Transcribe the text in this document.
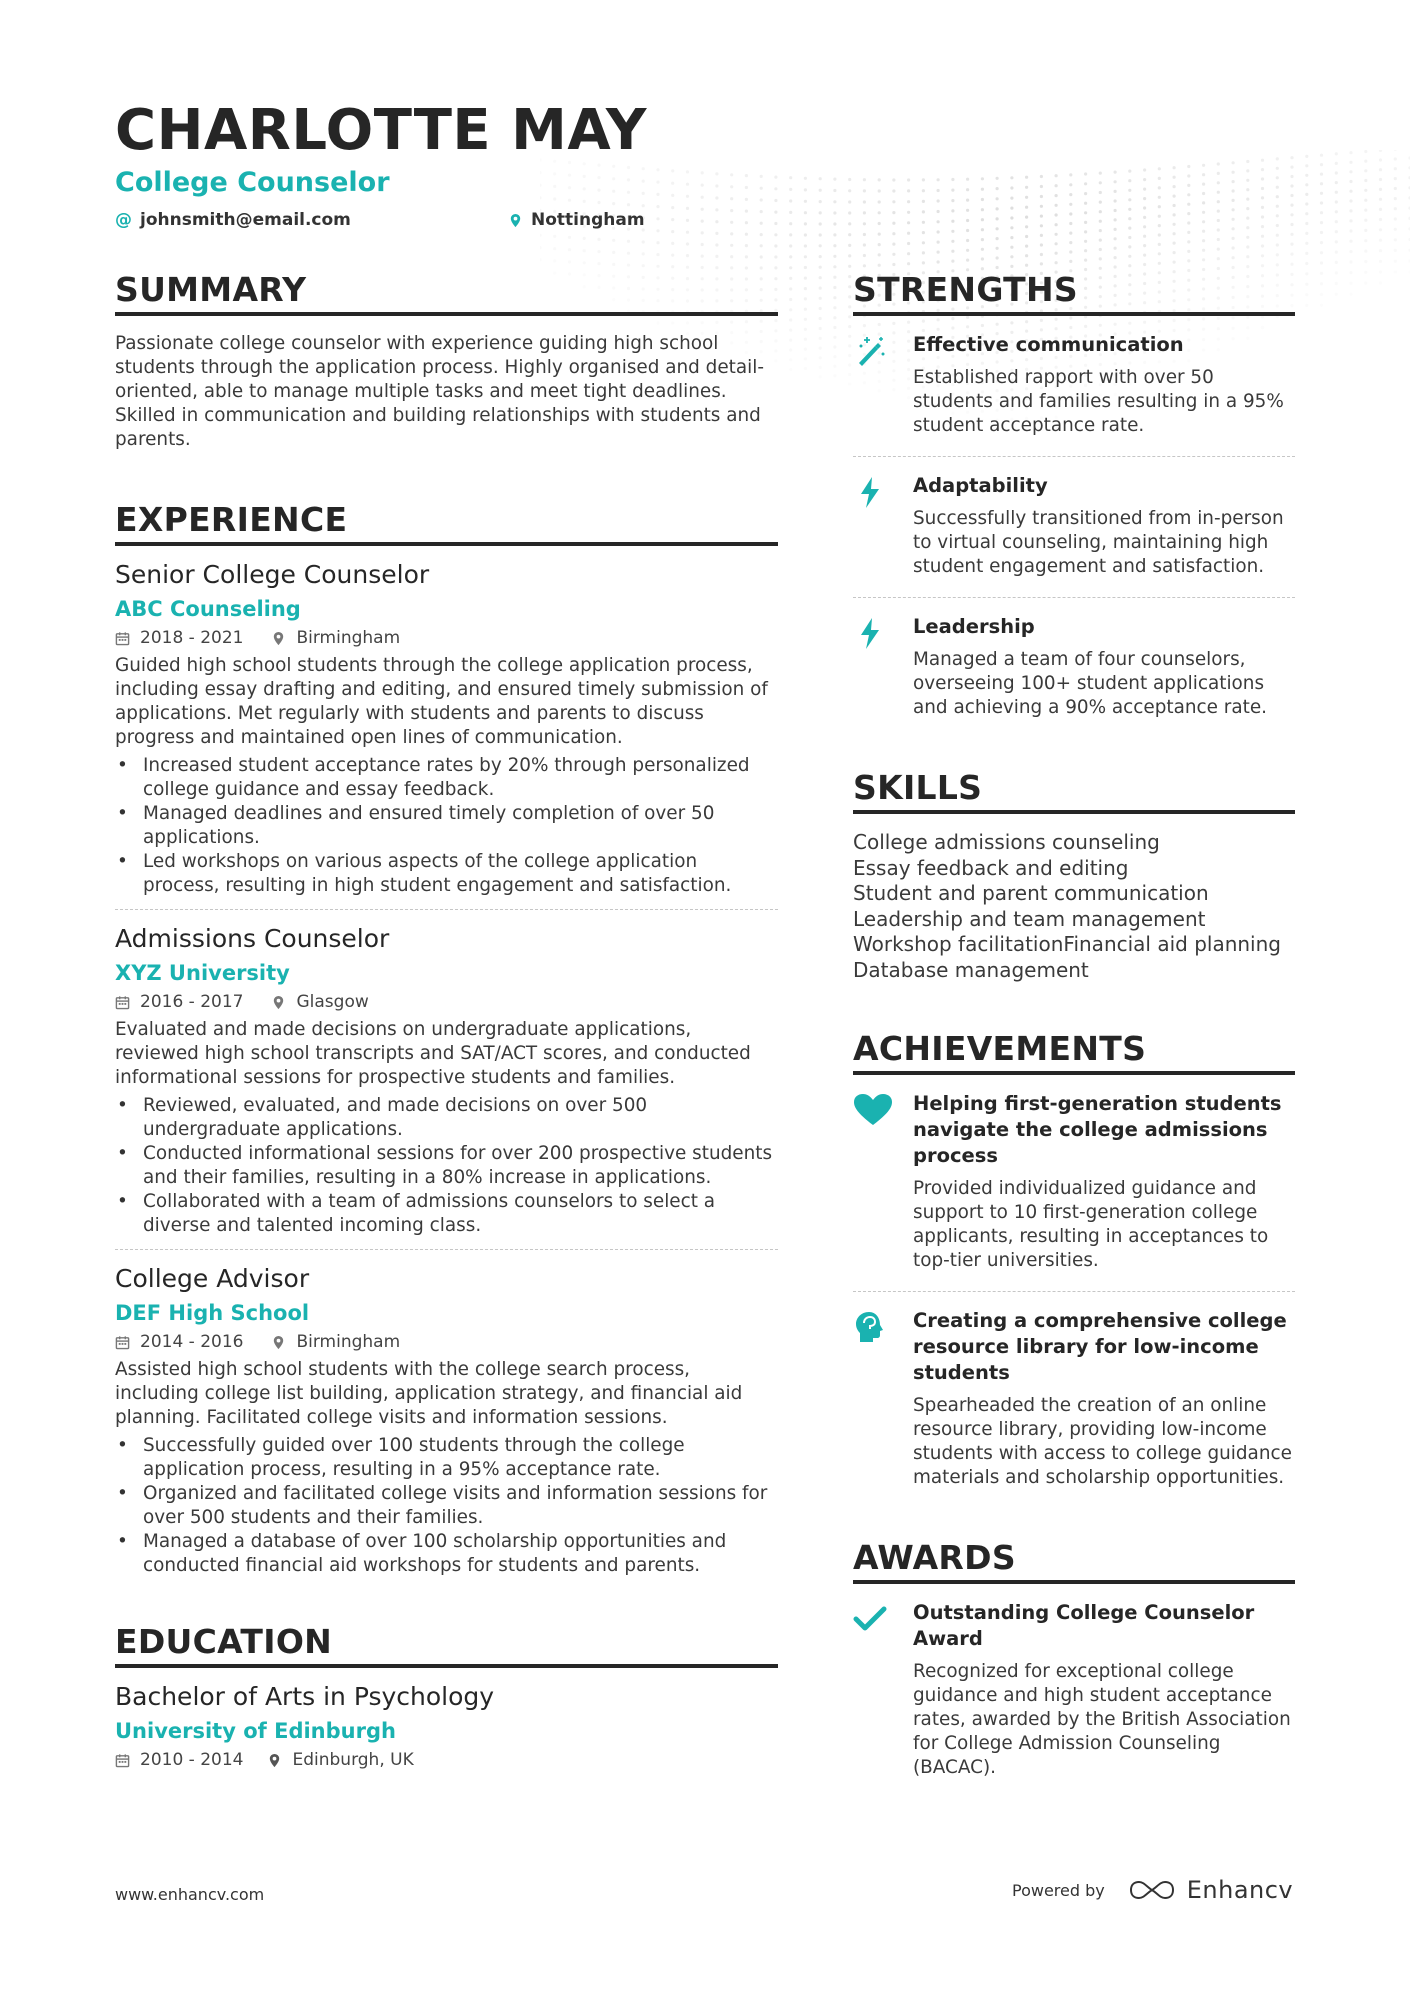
CHARLOTTE MAY
College Counselor
@ johnsmith@email.com	Nottingham
SUMMARY
Passionate college counselor with experience guiding high school students through the application process. Highly organised and detail-oriented, able to manage multiple tasks and meet tight deadlines. Skilled in communication and building relationships with students and parents.
EXPERIENCE
Senior College Counselor
ABC Counseling
2018 - 2021	Birmingham
Guided high school students through the college application process, including essay drafting and editing, and ensured timely submission of applications. Met regularly with students and parents to discuss progress and maintained open lines of communication.
• Increased student acceptance rates by 20% through personalized college guidance and essay feedback.
• Managed deadlines and ensured timely completion of over 50 applications.
• Led workshops on various aspects of the college application process, resulting in high student engagement and satisfaction.
Admissions Counselor
XYZ University
2016 - 2017	Glasgow
Evaluated and made decisions on undergraduate applications, reviewed high school transcripts and SAT/ACT scores, and conducted informational sessions for prospective students and families.
• Reviewed, evaluated, and made decisions on over 500 undergraduate applications.
• Conducted informational sessions for over 200 prospective students and their families, resulting in a 80% increase in applications.
• Collaborated with a team of admissions counselors to select a diverse and talented incoming class.
College Advisor
DEF High School
2014 - 2016	Birmingham
Assisted high school students with the college search process, including college list building, application strategy, and financial aid planning. Facilitated college visits and information sessions.
• Successfully guided over 100 students through the college application process, resulting in a 95% acceptance rate.
• Organized and facilitated college visits and information sessions for over 500 students and their families.
• Managed a database of over 100 scholarship opportunities and conducted financial aid workshops for students and parents.
EDUCATION
Bachelor of Arts in Psychology
University of Edinburgh
2010 - 2014	Edinburgh, UK
STRENGTHS
Effective communication
Established rapport with over 50 students and families resulting in a 95% student acceptance rate.
Adaptability
Successfully transitioned from in-person to virtual counseling, maintaining high student engagement and satisfaction.
Leadership
Managed a team of four counselors, overseeing 100+ student applications and achieving a 90% acceptance rate.
SKILLS
College admissions counseling
Essay feedback and editing
Student and parent communication
Leadership and team management
Workshop facilitationFinancial aid planning
Database management
ACHIEVEMENTS
Helping first-generation students navigate the college admissions process
Provided individualized guidance and support to 10 first-generation college applicants, resulting in acceptances to top-tier universities.
Creating a comprehensive college resource library for low-income students
Spearheaded the creation of an online resource library, providing low-income students with access to college guidance materials and scholarship opportunities.
AWARDS
Outstanding College Counselor Award
Recognized for exceptional college guidance and high student acceptance rates, awarded by the British Association for College Admission Counseling (BACAC).
www.enhancv.com	Powered by	Enhancv
